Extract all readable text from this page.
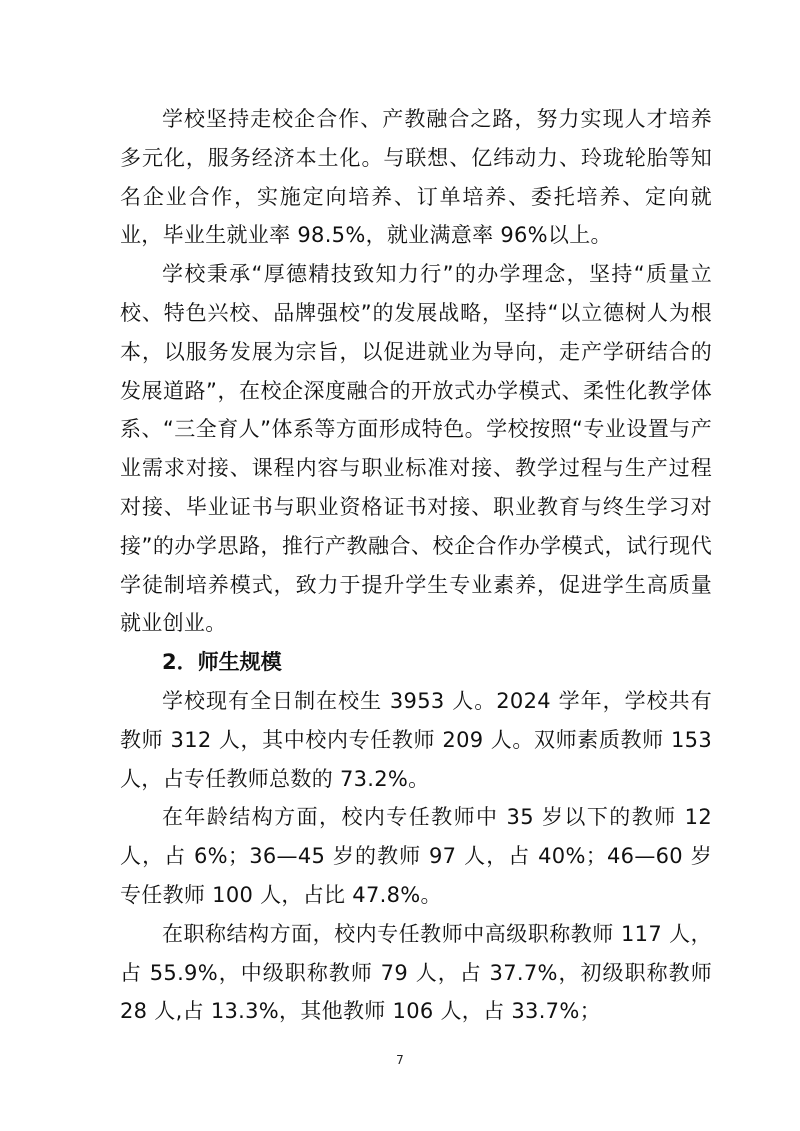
学校坚持走校企合作、产教融合之路，努力实现人才培养多元化，服务经济本土化。与联想、亿纬动力、玲珑轮胎等知名企业合作，实施定向培养、订单培养、委托培养、定向就业，毕业生就业率 98.5%，就业满意率 96%以上。

学校秉承“厚德精技致知力行”的办学理念，坚持“质量立校、特色兴校、品牌强校”的发展战略，坚持“以立德树人为根本，以服务发展为宗旨，以促进就业为导向，走产学研结合的发展道路”，在校企深度融合的开放式办学模式、柔性化教学体系、“三全育人”体系等方面形成特色。学校按照“专业设置与产业需求对接、课程内容与职业标准对接、教学过程与生产过程对接、毕业证书与职业资格证书对接、职业教育与终生学习对接”的办学思路，推行产教融合、校企合作办学模式，试行现代学徒制培养模式，致力于提升学生专业素养，促进学生高质量就业创业。

2．师生规模

学校现有全日制在校生 3953 人。2024 学年，学校共有教师 312 人，其中校内专任教师 209 人。双师素质教师 153 人，占专任教师总数的 73.2%。

在年龄结构方面，校内专任教师中 35 岁以下的教师 12 人，占 6%；36—45 岁的教师 97 人，占 40%；46—60 岁专任教师 100 人，占比 47.8%。

在职称结构方面，校内专任教师中高级职称教师 117 人，占 55.9%，中级职称教师 79 人，占 37.7%，初级职称教师 28 人,占 13.3%，其他教师 106 人，占 33.7%；

7
